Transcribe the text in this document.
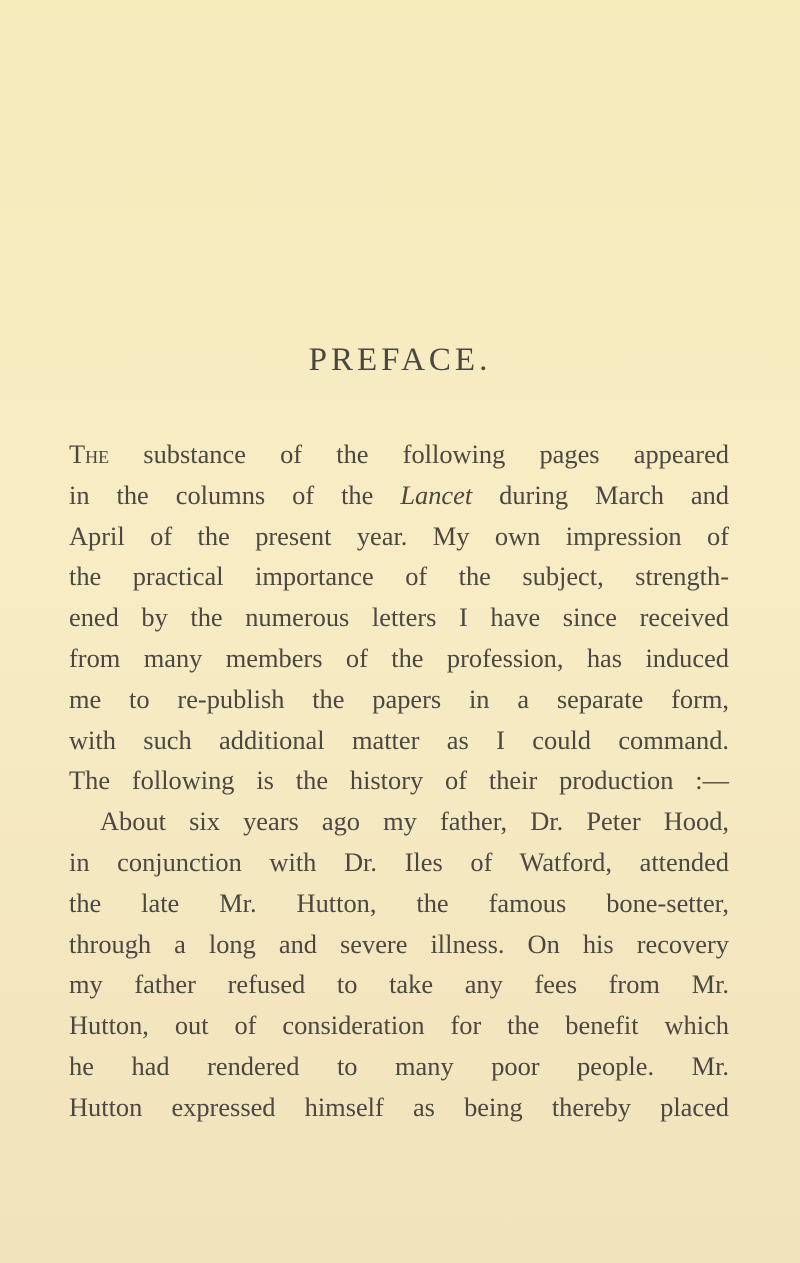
PREFACE.
The substance of the following pages appeared
in the columns of the Lancet during March and
April of the present year. My own impression of
the practical importance of the subject, strength-
ened by the numerous letters I have since received
from many members of the profession, has induced
me to re-publish the papers in a separate form,
with such additional matter as I could command.
The following is the history of their production :—
About six years ago my father, Dr. Peter Hood,
in conjunction with Dr. Iles of Watford, attended
the late Mr. Hutton, the famous bone-setter,
through a long and severe illness. On his recovery
my father refused to take any fees from Mr.
Hutton, out of consideration for the benefit which
he had rendered to many poor people. Mr.
Hutton expressed himself as being thereby placed
